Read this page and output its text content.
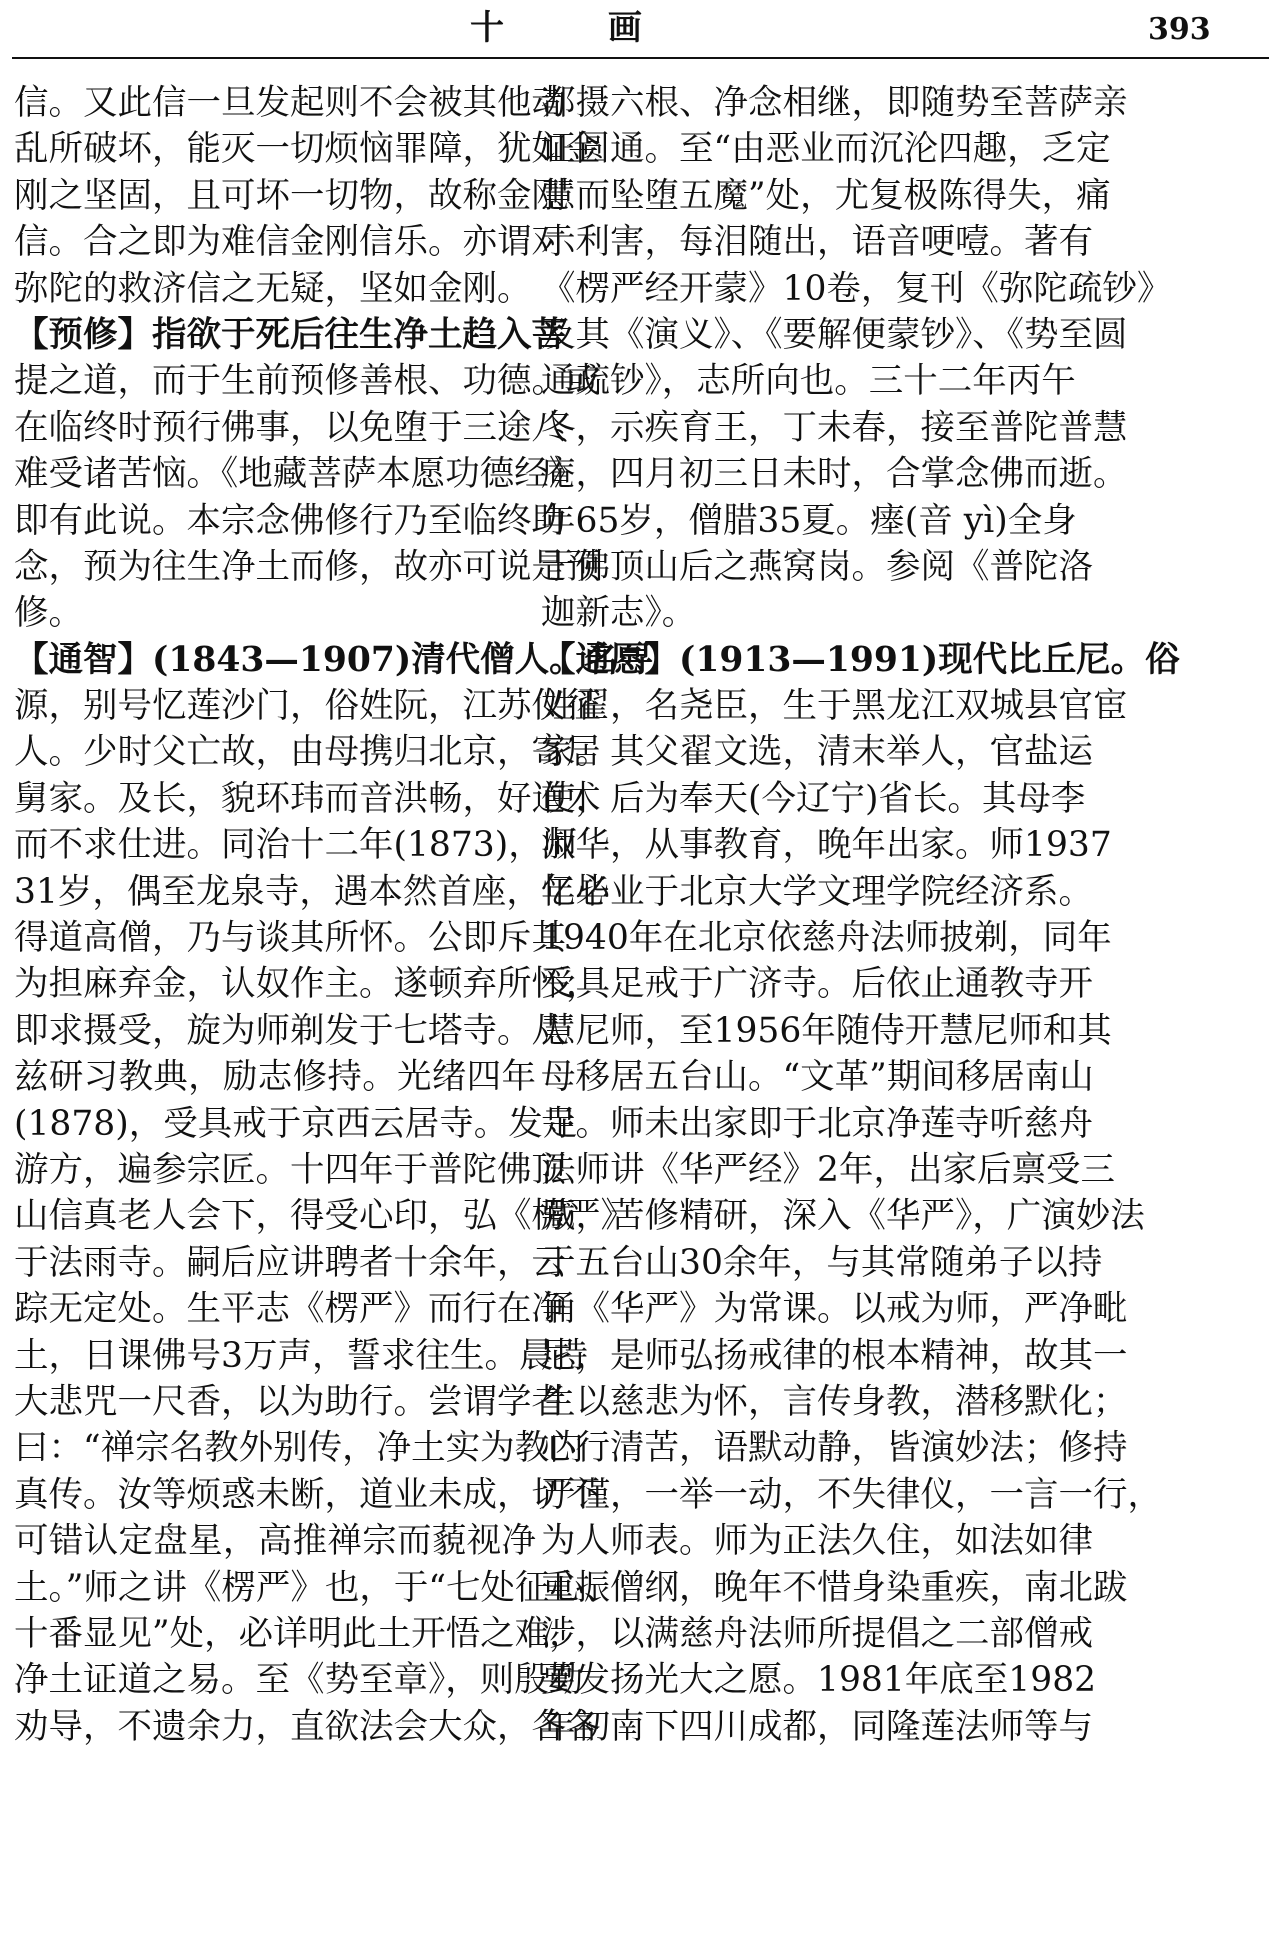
十 画	393
信。又此信一旦发起则不会被其他动
乱所破坏，能灭一切烦恼罪障，犹如金
刚之坚固，且可坏一切物，故称金刚
信。合之即为难信金刚信乐。亦谓对
弥陀的救济信之无疑，坚如金刚。
【预修】指欲于死后往生净土趋入菩
提之道，而于生前预修善根、功德。或
在临终时预行佛事，以免堕于三途八
难受诸苦恼。《地藏菩萨本愿功德经》
即有此说。本宗念佛修行乃至临终助
念，预为往生净土而修，故亦可说是预
修。
【通智】(1843—1907)清代僧人。名寻
源，别号忆莲沙门，俗姓阮，江苏仪征
人。少时父亡故，由母携归北京，寄居
舅家。及长，貌环玮而音洪畅，好道术
而不求仕进。同治十二年(1873)，师
31岁，偶至龙泉寺，遇本然首座，忆必
得道高僧，乃与谈其所怀。公即斥其
为担麻弃金，认奴作主。遂顿弃所怀，
即求摄受，旋为师剃发于七塔寺。从
兹研习教典，励志修持。光绪四年
(1878)，受具戒于京西云居寺。发足
游方，遍参宗匠。十四年于普陀佛顶
山信真老人会下，得受心印，弘《楞严》
于法雨寺。嗣后应讲聘者十余年，云
踪无定处。生平志《楞严》而行在净
土，日课佛号3万声，誓求往生。晨持
大悲咒一尺香，以为助行。尝谓学者
曰：“禅宗名教外别传，净土实为教内
真传。汝等烦惑未断，道业未成，切不
可错认定盘星，高推禅宗而藐视净
土。”师之讲《楞严》也，于“七处征心、
十番显见”处，必详明此土开悟之难，
净土证道之易。至《势至章》，则殷勤
劝导，不遗余力，直欲法会大众，各各
都摄六根、净念相继，即随势至菩萨亲
证圆通。至“由恶业而沉沦四趣，乏定
慧而坠堕五魔”处，尤复极陈得失，痛
示利害，每泪随出，语音哽噎。著有
《楞严经开蒙》10卷，复刊《弥陀疏钞》
及其《演义》、《要解便蒙钞》、《势至圆
通疏钞》，志所向也。三十二年丙午
冬，示疾育王，丁未春，接至普陀普慧
庵，四月初三日未时，合掌念佛而逝。
年65岁，僧腊35夏。瘗(音 yì)全身
于佛顶山后之燕窝岗。参阅《普陀洛
迦新志》。
【通愿】(1913—1991)现代比丘尼。俗
姓翟，名尧臣，生于黑龙江双城县官宦
家。其父翟文选，清末举人，官盐运
使，后为奉天(今辽宁)省长。其母李
淑华，从事教育，晚年出家。师1937
年毕业于北京大学文理学院经济系。
1940年在北京依慈舟法师披剃，同年
受具足戒于广济寺。后依止通教寺开
慧尼师，至1956年随侍开慧尼师和其
母移居五台山。“文革”期间移居南山
寺。师未出家即于北京净莲寺听慈舟
法师讲《华严经》2年，出家后禀受三
藏，苦修精研，深入《华严》，广演妙法
于五台山30余年，与其常随弟子以持
诵《华严》为常课。以戒为师，严净毗
尼，是师弘扬戒律的根本精神，故其一
生以慈悲为怀，言传身教，潜移默化；
心行清苦，语默动静，皆演妙法；修持
严谨，一举一动，不失律仪，一言一行，
为人师表。师为正法久住，如法如律
重振僧纲，晚年不惜身染重疾，南北跋
涉，以满慈舟法师所提倡之二部僧戒
要发扬光大之愿。1981年底至1982
年初南下四川成都，同隆莲法师等与
